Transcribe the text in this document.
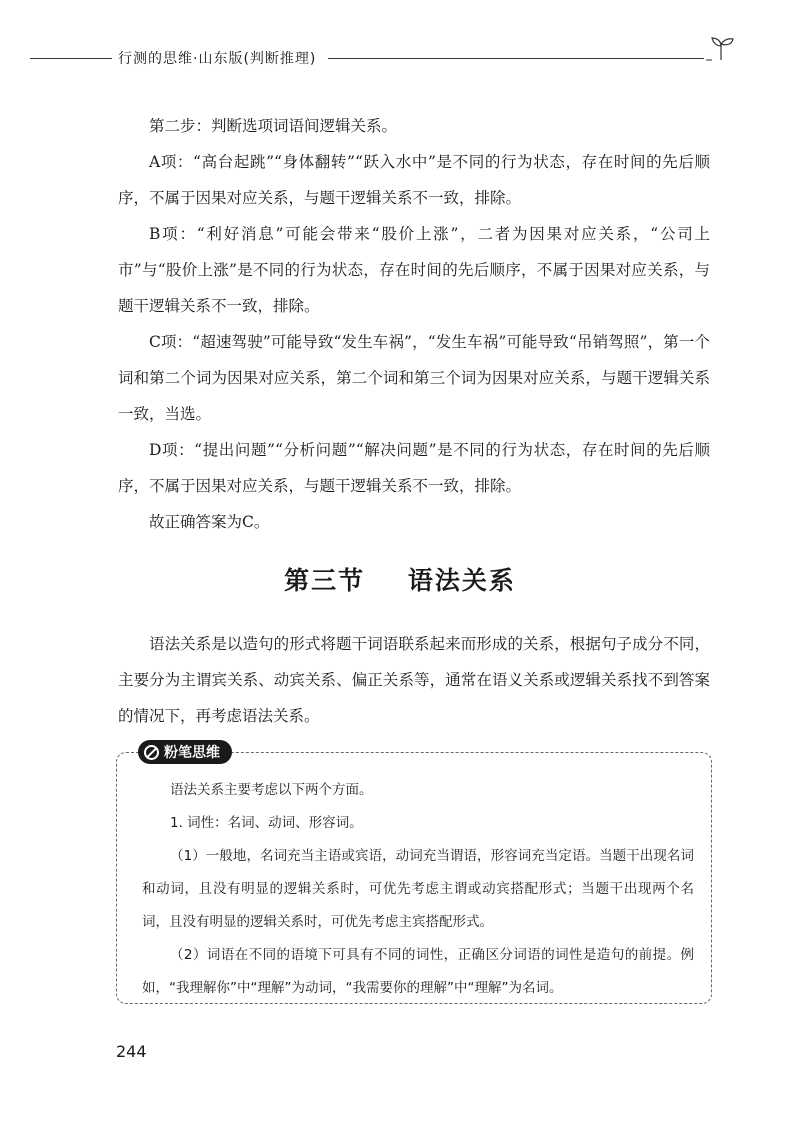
行测的思维·山东版(判断推理)

第二步：判断选项词语间逻辑关系。

A项：“高台起跳”“身体翻转”“跃入水中”是不同的行为状态，存在时间的先后顺序，不属于因果对应关系，与题干逻辑关系不一致，排除。

B项：“利好消息”可能会带来“股价上涨”，二者为因果对应关系，“公司上市”与“股价上涨”是不同的行为状态，存在时间的先后顺序，不属于因果对应关系，与题干逻辑关系不一致，排除。

C项：“超速驾驶”可能导致“发生车祸”，“发生车祸”可能导致“吊销驾照”，第一个词和第二个词为因果对应关系，第二个词和第三个词为因果对应关系，与题干逻辑关系一致，当选。

D项：“提出问题”“分析问题”“解决问题”是不同的行为状态，存在时间的先后顺序，不属于因果对应关系，与题干逻辑关系不一致，排除。

故正确答案为C。

第三节    语法关系

语法关系是以造句的形式将题干词语联系起来而形成的关系，根据句子成分不同，主要分为主谓宾关系、动宾关系、偏正关系等，通常在语义关系或逻辑关系找不到答案的情况下，再考虑语法关系。

粉笔思维

语法关系主要考虑以下两个方面。

1. 词性：名词、动词、形容词。

（1）一般地，名词充当主语或宾语，动词充当谓语，形容词充当定语。当题干出现名词和动词，且没有明显的逻辑关系时，可优先考虑主谓或动宾搭配形式；当题干出现两个名词，且没有明显的逻辑关系时，可优先考虑主宾搭配形式。

（2）词语在不同的语境下可具有不同的词性，正确区分词语的词性是造句的前提。例如，“我理解你”中“理解”为动词，“我需要你的理解”中“理解”为名词。

244
